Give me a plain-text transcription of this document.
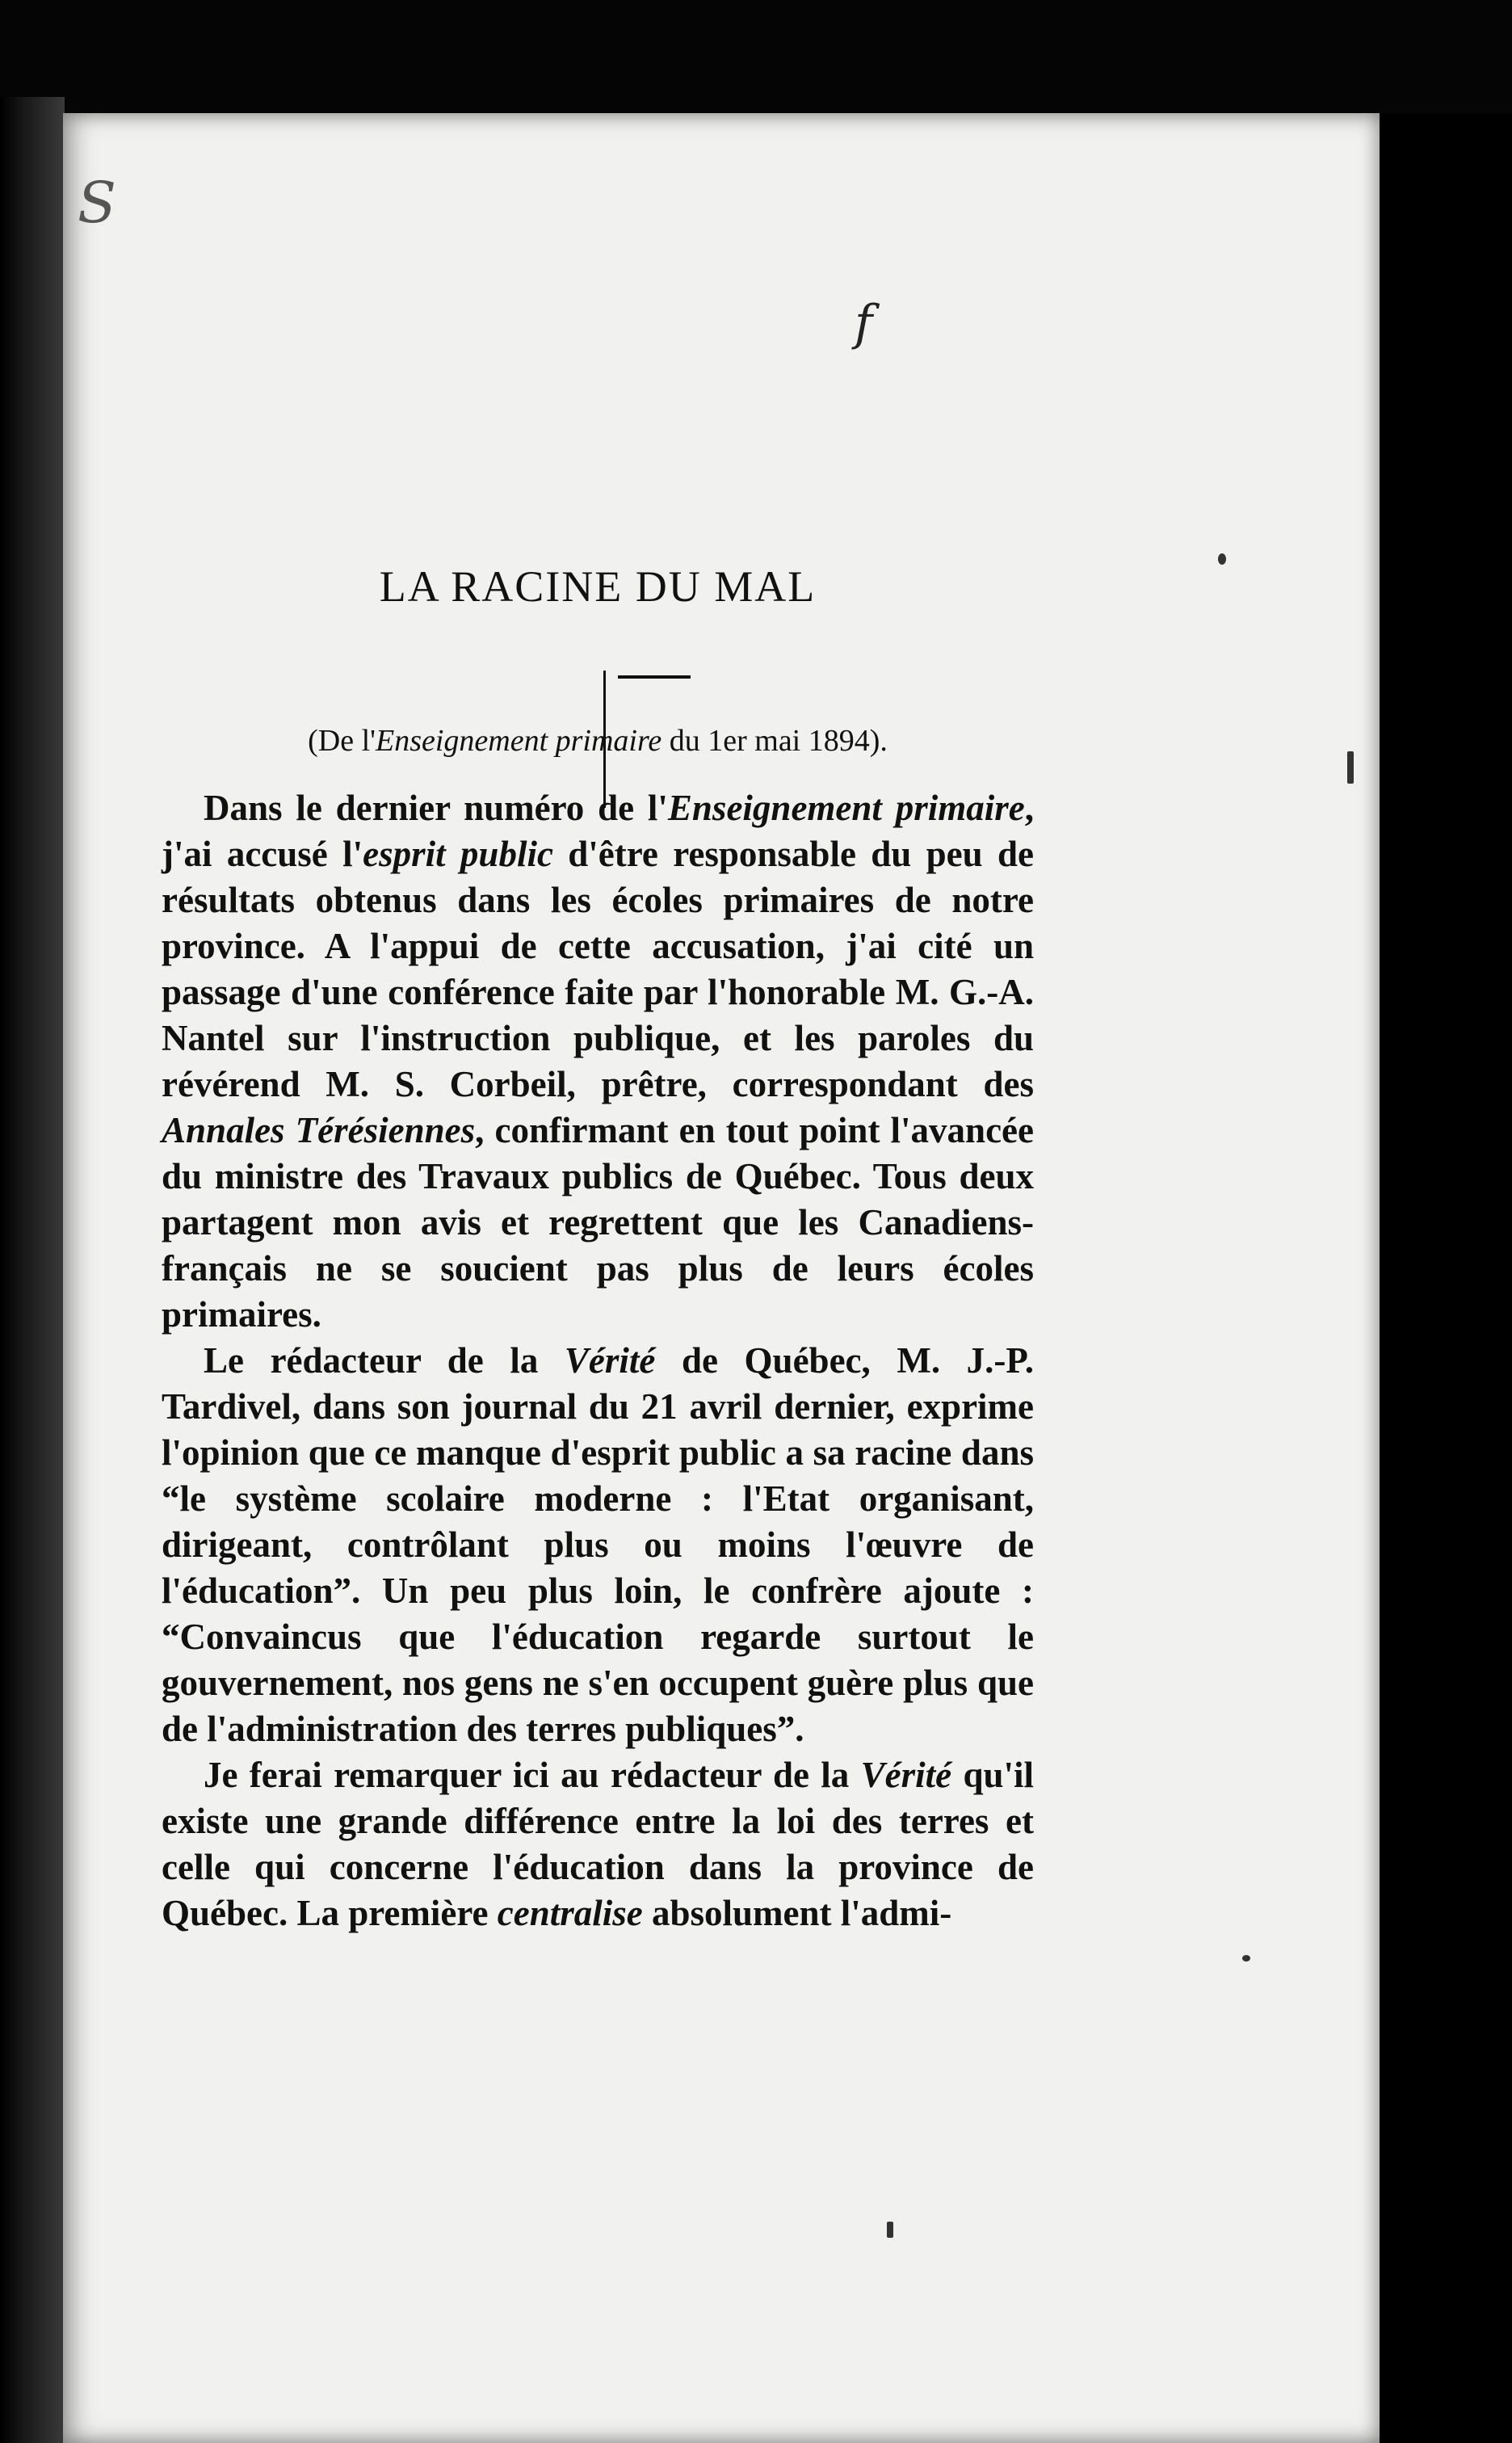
S
f
LA RACINE DU MAL
(De l'Enseignement primaire du 1er mai 1894).

Dans le dernier numéro de l'Enseignement primaire, j'ai accusé l'esprit public d'être responsable du peu de résultats obtenus dans les écoles primaires de notre province. A l'appui de cette accusation, j'ai cité un passage d'une conférence faite par l'honorable M. G.-A. Nantel sur l'instruction publique, et les paroles du révérend M. S. Corbeil, prêtre, correspondant des Annales Térésiennes, confirmant en tout point l'avancée du ministre des Travaux publics de Québec. Tous deux partagent mon avis et regrettent que les Canadiens-français ne se soucient pas plus de leurs écoles primaires.

Le rédacteur de la Vérité de Québec, M. J.-P. Tardivel, dans son journal du 21 avril dernier, exprime l'opinion que ce manque d'esprit public a sa racine dans “le système scolaire moderne : l'Etat organisant, dirigeant, contrôlant plus ou moins l'œuvre de l'éducation”. Un peu plus loin, le confrère ajoute : “Convaincus que l'éducation regarde surtout le gouvernement, nos gens ne s'en occupent guère plus que de l'administration des terres publiques”.

Je ferai remarquer ici au rédacteur de la Vérité qu'il existe une grande différence entre la loi des terres et celle qui concerne l'éducation dans la province de Québec. La première centralise absolument l'admi-
